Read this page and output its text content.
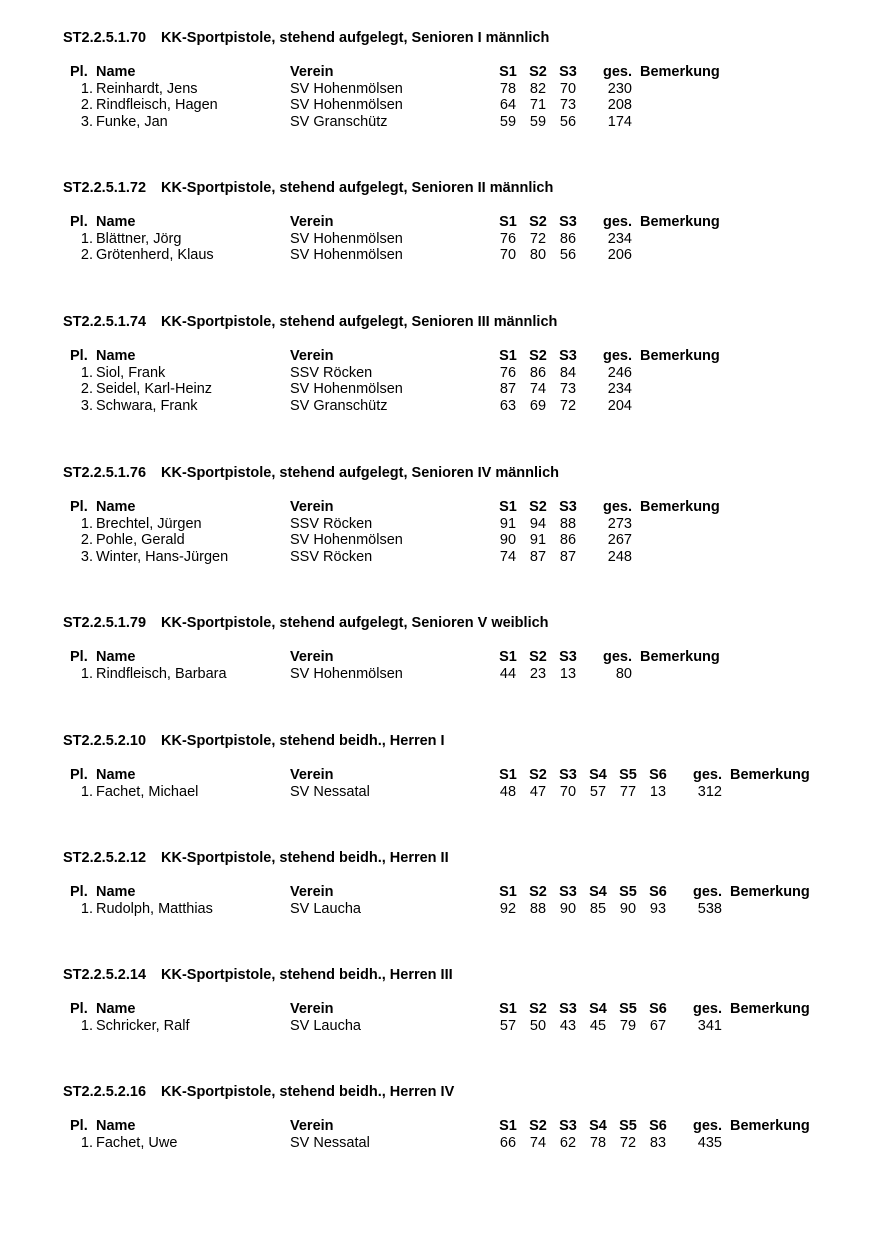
ST2.2.5.1.70 KK-Sportpistole, stehend aufgelegt, Senioren I männlich
Pl. Name	Verein	S1 S2 S3 ges. Bemerkung
1. Reinhardt, Jens	SV Hohenmölsen	78 82 70	230
2. Rindfleisch, Hagen	SV Hohenmölsen	64 71 73	208
3. Funke, Jan	SV Granschütz	59 59 56	174
ST2.2.5.1.72 KK-Sportpistole, stehend aufgelegt, Senioren II männlich
Pl. Name	Verein	S1 S2 S3 ges. Bemerkung
1. Blättner, Jörg	SV Hohenmölsen	76 72 86	234
2. Grötenherd, Klaus	SV Hohenmölsen	70 80 56	206
ST2.2.5.1.74 KK-Sportpistole, stehend aufgelegt, Senioren III männlich
Pl. Name	Verein	S1 S2 S3 ges. Bemerkung
1. Siol, Frank	SSV Röcken	76 86 84	246
2. Seidel, Karl-Heinz	SV Hohenmölsen	87 74 73	234
3. Schwara, Frank	SV Granschütz	63 69 72	204
ST2.2.5.1.76 KK-Sportpistole, stehend aufgelegt, Senioren IV männlich
Pl. Name	Verein	S1 S2 S3 ges. Bemerkung
1. Brechtel, Jürgen	SSV Röcken	91 94 88	273
2. Pohle, Gerald	SV Hohenmölsen	90 91 86	267
3. Winter, Hans-Jürgen	SSV Röcken	74 87 87	248
ST2.2.5.1.79 KK-Sportpistole, stehend aufgelegt, Senioren V weiblich
Pl. Name	Verein	S1 S2 S3 ges. Bemerkung
1. Rindfleisch, Barbara	SV Hohenmölsen	44 23 13	80
ST2.2.5.2.10 KK-Sportpistole, stehend beidh., Herren I
Pl. Name	Verein	S1 S2 S3 S4 S5 S6 ges. Bemerkung
1. Fachet, Michael	SV Nessatal	48 47 70 57 77 13	312
ST2.2.5.2.12 KK-Sportpistole, stehend beidh., Herren II
Pl. Name	Verein	S1 S2 S3 S4 S5 S6 ges. Bemerkung
1. Rudolph, Matthias	SV Laucha	92 88 90 85 90 93	538
ST2.2.5.2.14 KK-Sportpistole, stehend beidh., Herren III
Pl. Name	Verein	S1 S2 S3 S4 S5 S6 ges. Bemerkung
1. Schricker, Ralf	SV Laucha	57 50 43 45 79 67	341
ST2.2.5.2.16 KK-Sportpistole, stehend beidh., Herren IV
Pl. Name	Verein	S1 S2 S3 S4 S5 S6 ges. Bemerkung
1. Fachet, Uwe	SV Nessatal	66 74 62 78 72 83	435
